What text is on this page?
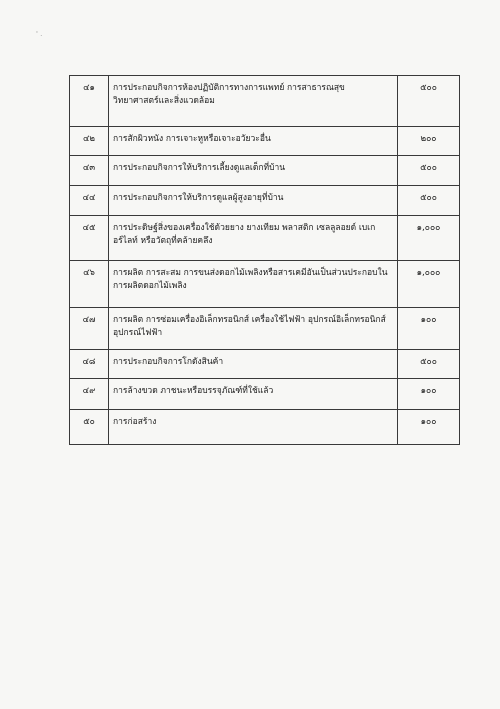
' .
๔๑	การประกอบกิจการห้องปฏิบัติการทางการแพทย์ การสาธารณสุข วิทยาศาสตร์และสิ่งแวดล้อม	๕๐๐
๔๒	การสักผิวหนัง การเจาะหูหรือเจาะอวัยวะอื่น	๒๐๐
๔๓	การประกอบกิจการให้บริการเลี้ยงดูแลเด็กที่บ้าน	๕๐๐
๔๔	การประกอบกิจการให้บริการดูแลผู้สูงอายุที่บ้าน	๕๐๐
๔๕	การประดิษฐ์สิ่งของเครื่องใช้ด้วยยาง ยางเทียม พลาสติก เซลลูลอยด์ เบเกอร์ไลท์ หรือวัตถุที่คล้ายคลึง	๑,๐๐๐
๔๖	การผลิต การสะสม การขนส่งดอกไม้เพลิงหรือสารเคมีอันเป็นส่วนประกอบในการผลิตดอกไม้เพลิง	๑,๐๐๐
๔๗	การผลิต การซ่อมเครื่องอิเล็กทรอนิกส์ เครื่องใช้ไฟฟ้า อุปกรณ์อิเล็กทรอนิกส์ อุปกรณ์ไฟฟ้า	๑๐๐
๔๘	การประกอบกิจการโกดังสินค้า	๕๐๐
๔๙	การล้างขวด ภาชนะหรือบรรจุภัณฑ์ที่ใช้แล้ว	๑๐๐
๕๐	การก่อสร้าง	๑๐๐
